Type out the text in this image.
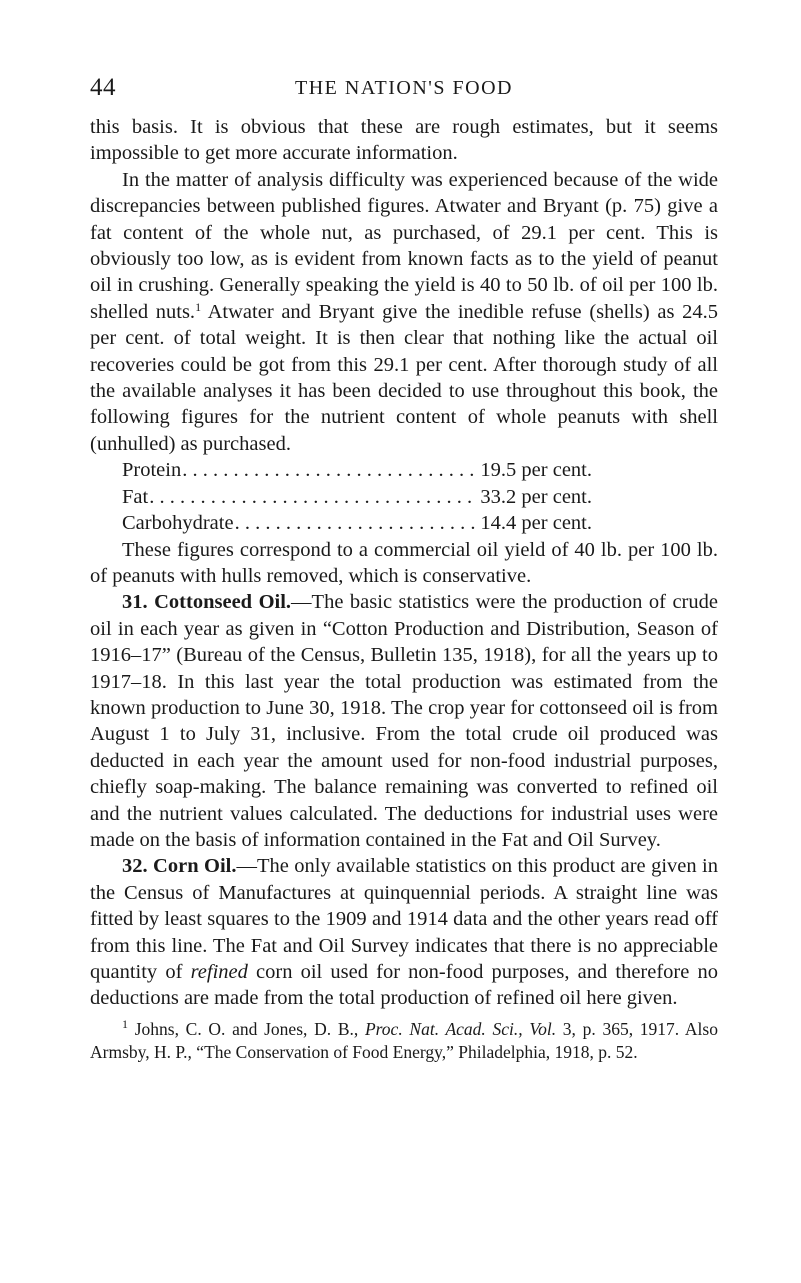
44	THE NATION'S FOOD

this basis. It is obvious that these are rough estimates, but it seems impossible to get more accurate information.

In the matter of analysis difficulty was experienced because of the wide discrepancies between published figures. Atwater and Bryant (p. 75) give a fat content of the whole nut, as purchased, of 29.1 per cent. This is obviously too low, as is evident from known facts as to the yield of peanut oil in crushing. Generally speaking the yield is 40 to 50 lb. of oil per 100 lb. shelled nuts.$^1$ Atwater and Bryant give the inedible refuse (shells) as 24.5 per cent. of total weight. It is then clear that nothing like the actual oil recoveries could be got from this 29.1 per cent. After thorough study of all the available analyses it has been decided to use throughout this book, the following figures for the nutrient content of whole peanuts with shell (unhulled) as purchased.

Protein . . .	19.5 per cent.
Fat . . .	33.2 per cent.
Carbohydrate . . .	14.4 per cent.

These figures correspond to a commercial oil yield of 40 lb. per 100 lb. of peanuts with hulls removed, which is conservative.

31. Cottonseed Oil.—The basic statistics were the production of crude oil in each year as given in “Cotton Production and Distribution, Season of 1916–17” (Bureau of the Census, Bulletin 135, 1918), for all the years up to 1917–18. In this last year the total production was estimated from the known production to June 30, 1918. The crop year for cottonseed oil is from August 1 to July 31, inclusive. From the total crude oil produced was deducted in each year the amount used for non-food industrial purposes, chiefly soap-making. The balance remaining was converted to refined oil and the nutrient values calculated. The deductions for industrial uses were made on the basis of information contained in the Fat and Oil Survey.

32. Corn Oil.—The only available statistics on this product are given in the Census of Manufactures at quinquennial periods. A straight line was fitted by least squares to the 1909 and 1914 data and the other years read off from this line. The Fat and Oil Survey indicates that there is no appreciable quantity of refined corn oil used for non-food purposes, and therefore no deductions are made from the total production of refined oil here given.

$^1$ Johns, C. O. and Jones, D. B., Proc. Nat. Acad. Sci., Vol. 3, p. 365, 1917. Also Armsby, H. P., “The Conservation of Food Energy,” Philadelphia, 1918, p. 52.
